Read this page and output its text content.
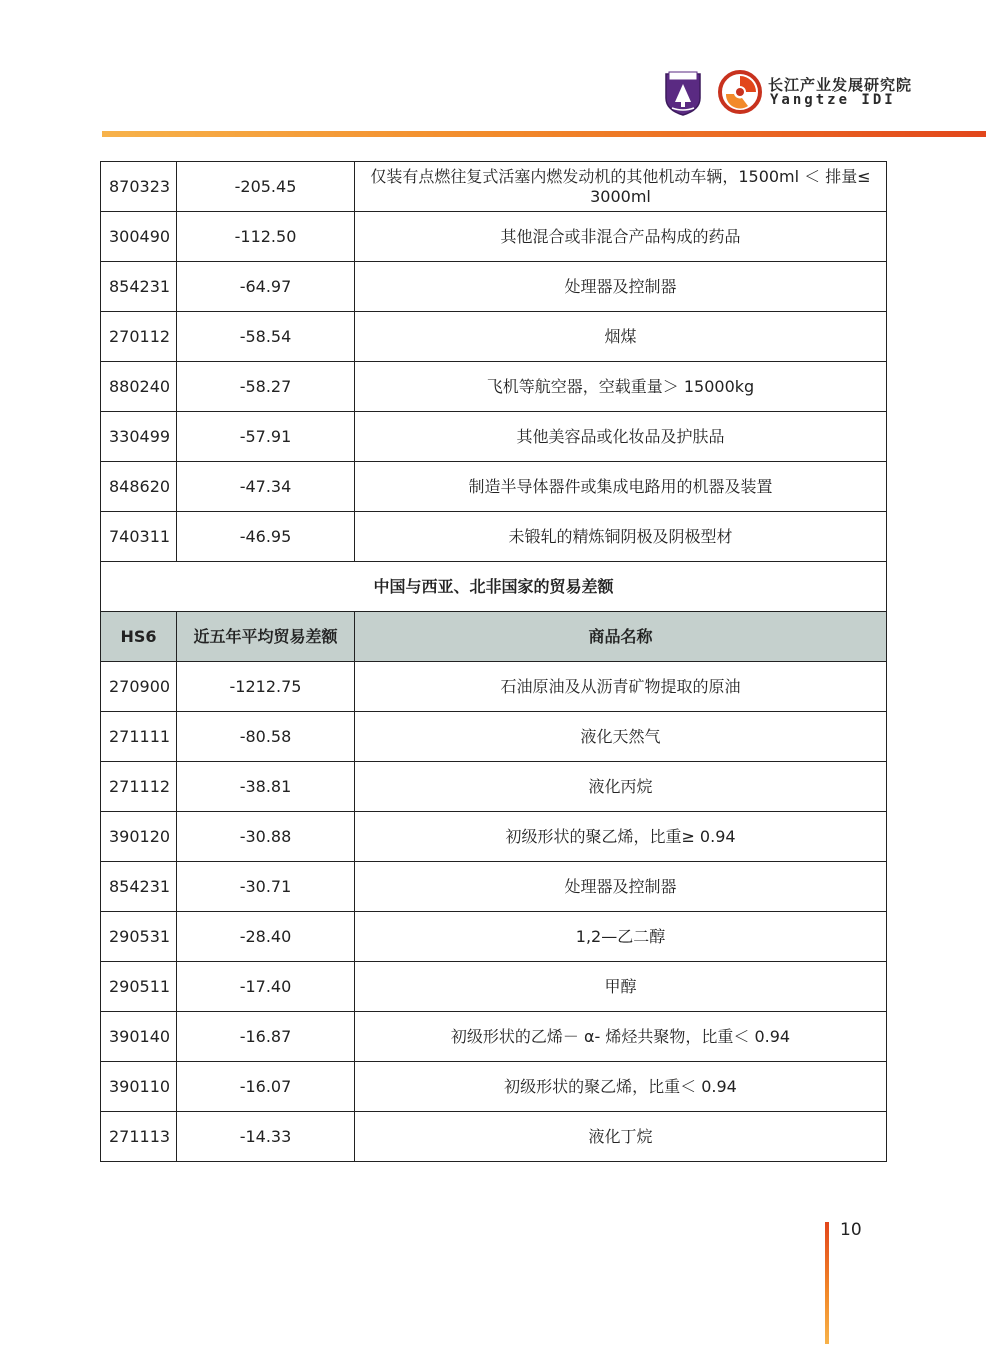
长江产业发展研究院
Yangtze IDI
870323	-205.45	仅装有点燃往复式活塞内燃发动机的其他机动车辆，1500ml ＜ 排量≤ 3000ml
300490	-112.50	其他混合或非混合产品构成的药品
854231	-64.97	处理器及控制器
270112	-58.54	烟煤
880240	-58.27	飞机等航空器，空载重量＞ 15000kg
330499	-57.91	其他美容品或化妆品及护肤品
848620	-47.34	制造半导体器件或集成电路用的机器及装置
740311	-46.95	未锻轧的精炼铜阴极及阴极型材
中国与西亚、北非国家的贸易差额		
HS6	近五年平均贸易差额	商品名称
270900	-1212.75	石油原油及从沥青矿物提取的原油
271111	-80.58	液化天然气
271112	-38.81	液化丙烷
390120	-30.88	初级形状的聚乙烯，比重≥ 0.94
854231	-30.71	处理器及控制器
290531	-28.40	1,2—乙二醇
290511	-17.40	甲醇
390140	-16.87	初级形状的乙烯－ α- 烯烃共聚物，比重＜ 0.94
390110	-16.07	初级形状的聚乙烯，比重＜ 0.94
271113	-14.33	液化丁烷
10
